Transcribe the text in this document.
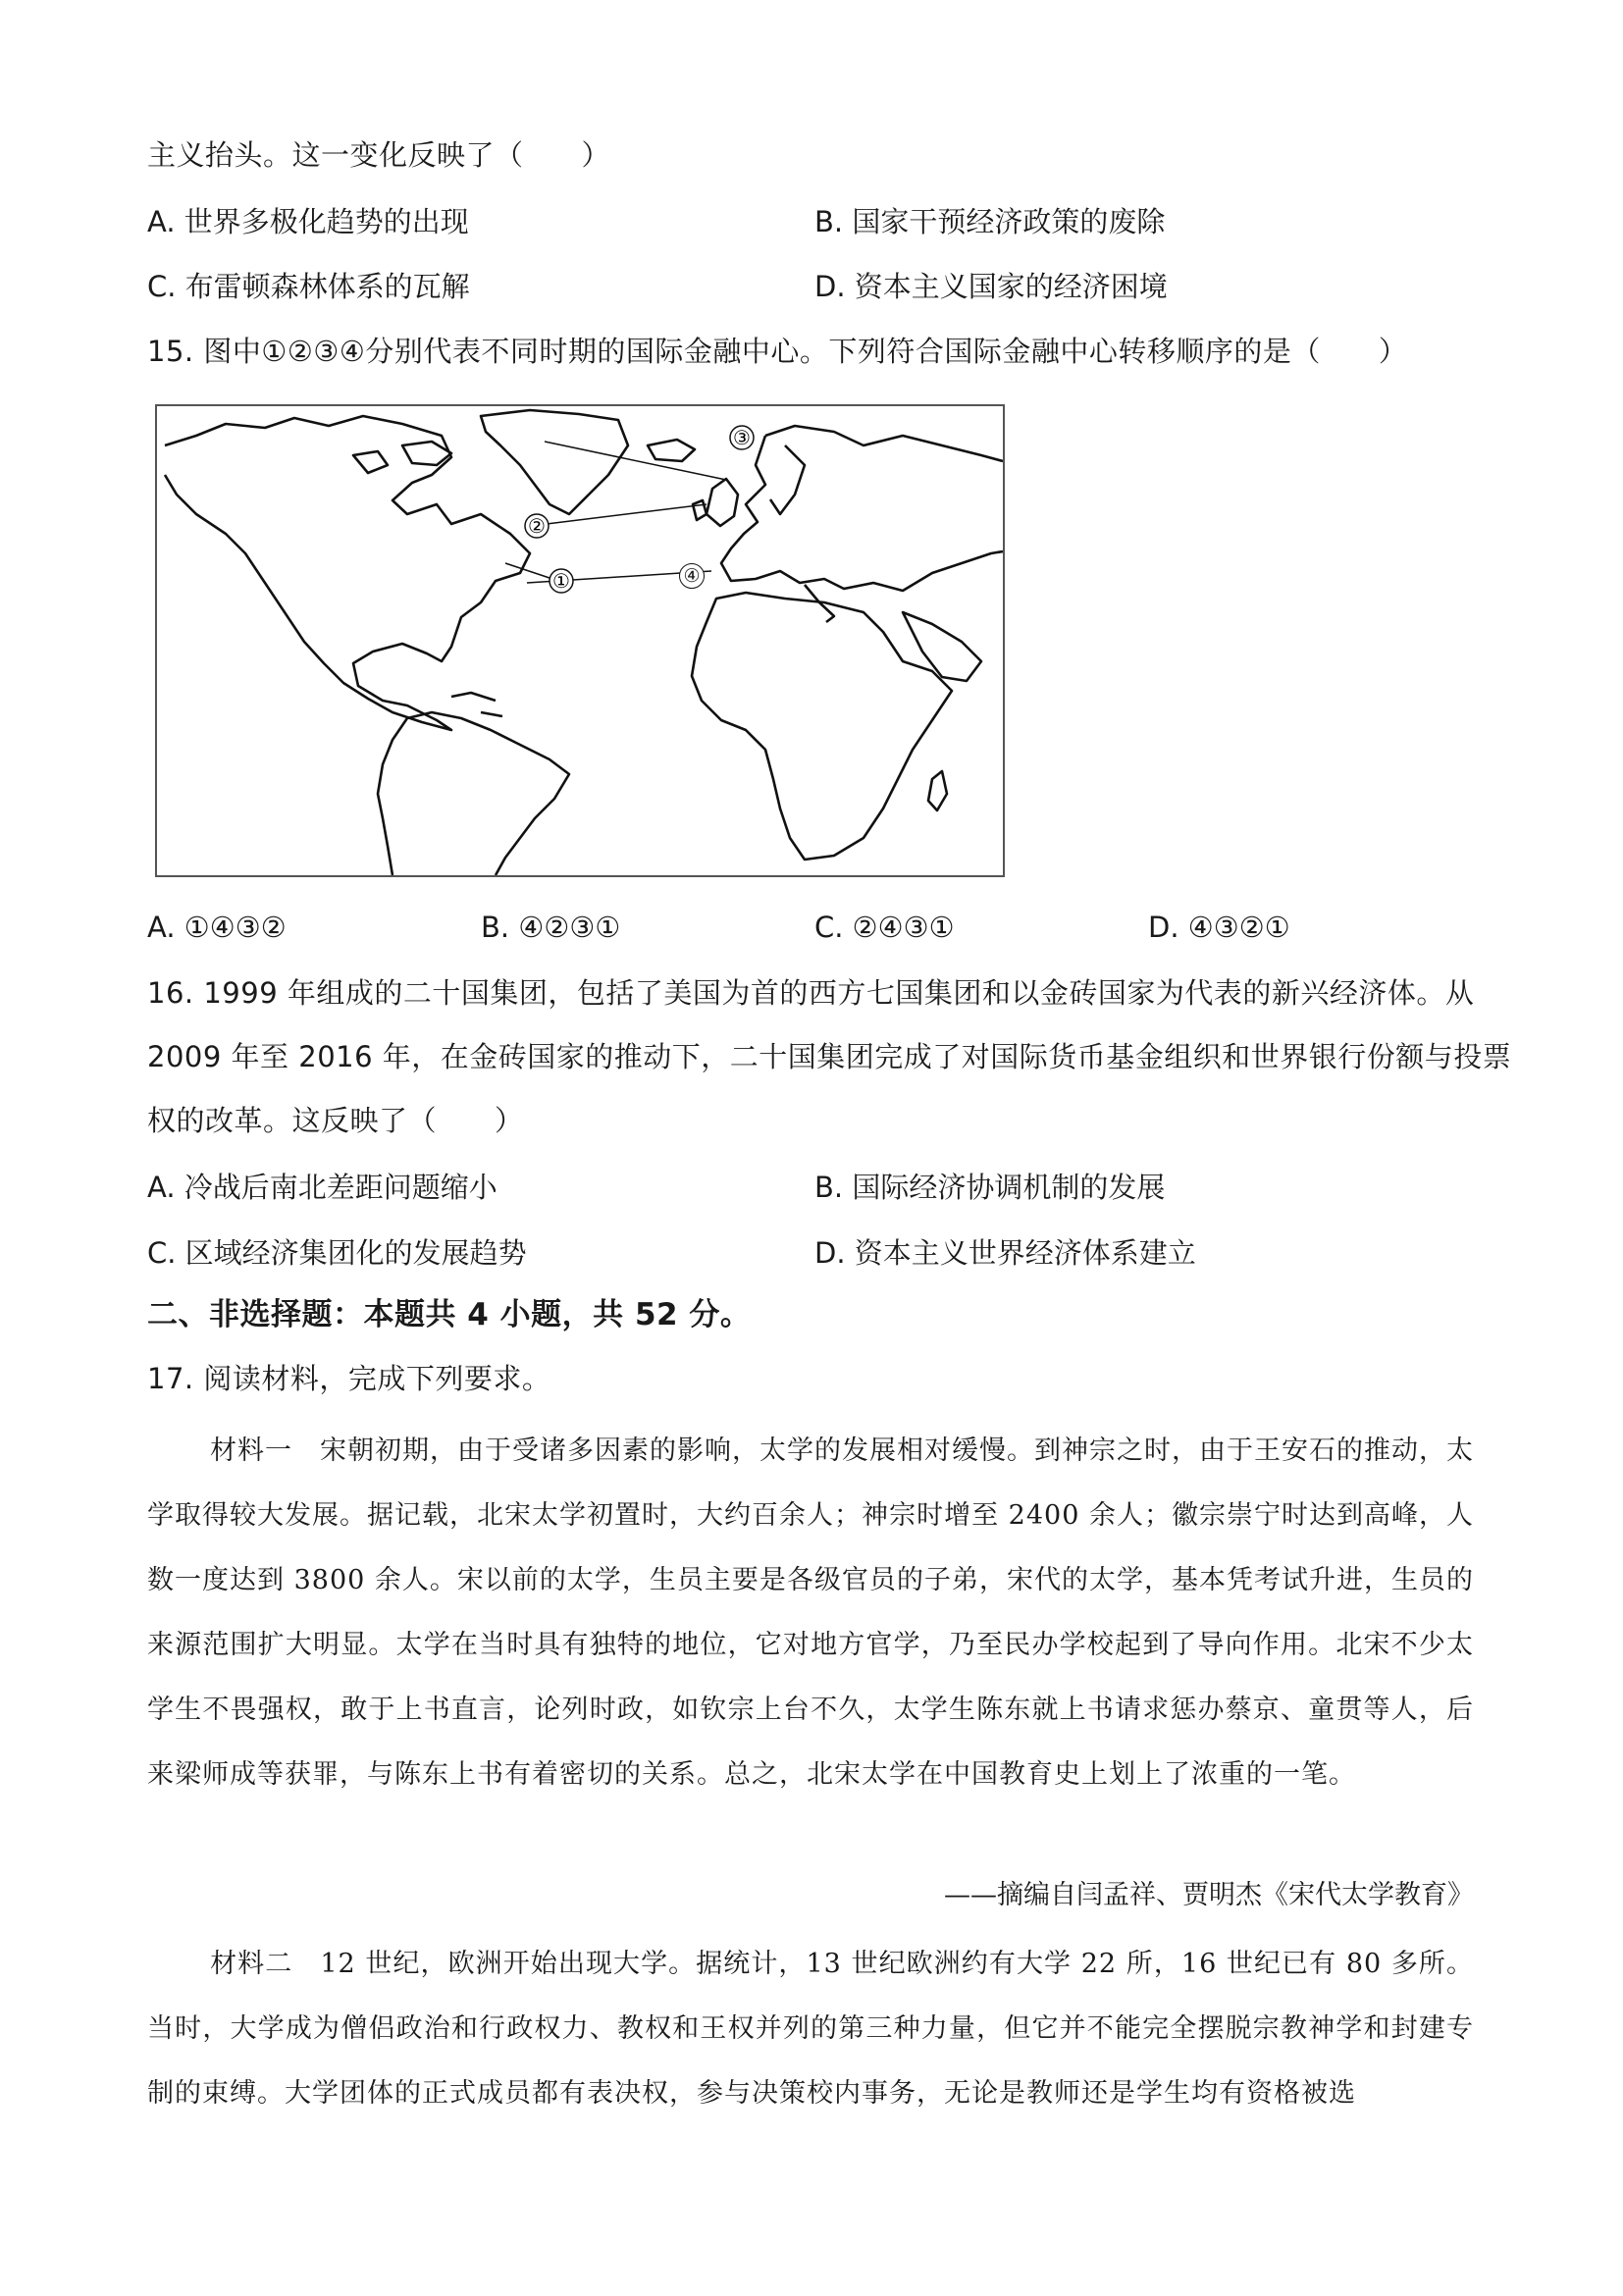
主义抬头。这一变化反映了（　　）
A. 世界多极化趋势的出现	B. 国家干预经济政策的废除
C. 布雷顿森林体系的瓦解	D. 资本主义国家的经济困境
15. 图中①②③④分别代表不同时期的国际金融中心。下列符合国际金融中心转移顺序的是（　　）
①
②
③
④
A. ①④③②	B. ④②③①	C. ②④③①	D. ④③②①
16. 1999 年组成的二十国集团，包括了美国为首的西方七国集团和以金砖国家为代表的新兴经济体。从
2009 年至 2016 年，在金砖国家的推动下，二十国集团完成了对国际货币基金组织和世界银行份额与投票
权的改革。这反映了（　　）
A. 冷战后南北差距问题缩小	B. 国际经济协调机制的发展
C. 区域经济集团化的发展趋势	D. 资本主义世界经济体系建立
二、非选择题：本题共 4 小题，共 52 分。
17. 阅读材料，完成下列要求。
材料一　宋朝初期，由于受诸多因素的影响，太学的发展相对缓慢。到神宗之时，由于王安石的推动，太学取得较大发展。据记载，北宋太学初置时，大约百余人；神宗时增至 2400 余人；徽宗崇宁时达到高峰，人数一度达到 3800 余人。宋以前的太学，生员主要是各级官员的子弟，宋代的太学，基本凭考试升进，生员的来源范围扩大明显。太学在当时具有独特的地位，它对地方官学，乃至民办学校起到了导向作用。北宋不少太学生不畏强权，敢于上书直言，论列时政，如钦宗上台不久，太学生陈东就上书请求惩办蔡京、童贯等人，后来梁师成等获罪，与陈东上书有着密切的关系。总之，北宋太学在中国教育史上划上了浓重的一笔。
——摘编自闫孟祥、贾明杰《宋代太学教育》
材料二　12 世纪，欧洲开始出现大学。据统计，13 世纪欧洲约有大学 22 所，16 世纪已有 80 多所。当时，大学成为僧侣政治和行政权力、教权和王权并列的第三种力量，但它并不能完全摆脱宗教神学和封建专制的束缚。大学团体的正式成员都有表决权，参与决策校内事务，无论是教师还是学生均有资格被选
